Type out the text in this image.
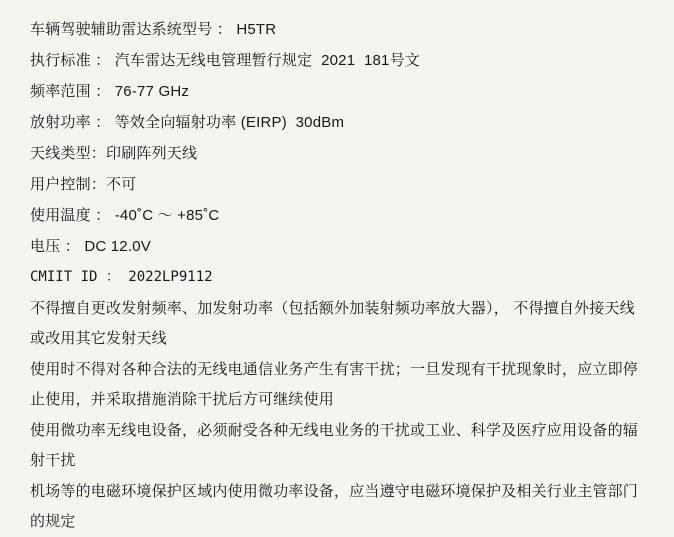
车辆驾驶辅助雷达系统型号 ： H5TR
执行标准 ： 汽车雷达无线电管理暂行规定  2021  181号文
频率范围 ： 76-77 GHz
放射功率 ： 等效全向辐射功率 (EIRP)  30dBm
天线类型：印刷阵列天线
用户控制：不可
使用温度 ： -40˚C ～ +85˚C
电压 ： DC 12.0V
CMIIT ID ： 2022LP9112
不得擅自更改发射频率、加发射功率（包括额外加装射频功率放大器）， 不得擅自外接天线或改用其它发射天线
使用时不得对各种合法的无线电通信业务产生有害干扰；一旦发现有干扰现象时，应立即停止使用，并采取措施消除干扰后方可继续使用
使用微功率无线电设备，必须耐受各种无线电业务的干扰或工业、科学及医疗应用设备的辐射干扰
机场等的电磁环境保护区域内使用微功率设备，应当遵守电磁环境保护及相关行业主管部门的规定
